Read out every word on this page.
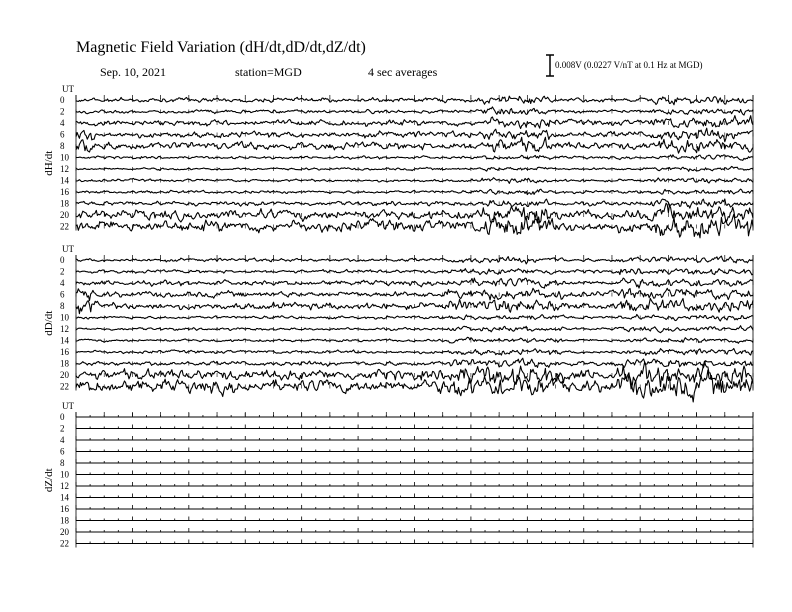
UT
dH/dt
0
2
4
6
8
10
12
14
16
18
20
22
UT
dD/dt
0
2
4
6
8
10
12
14
16
18
20
22
UT
dZ/dt
0
2
4
6
8
10
12
14
16
18
20
22
Magnetic Field Variation (dH/dt,dD/dt,dZ/dt)
Sep. 10, 2021	station=MGD	4 sec averages	0.008V (0.0227 V/nT at 0.1 Hz at MGD)
